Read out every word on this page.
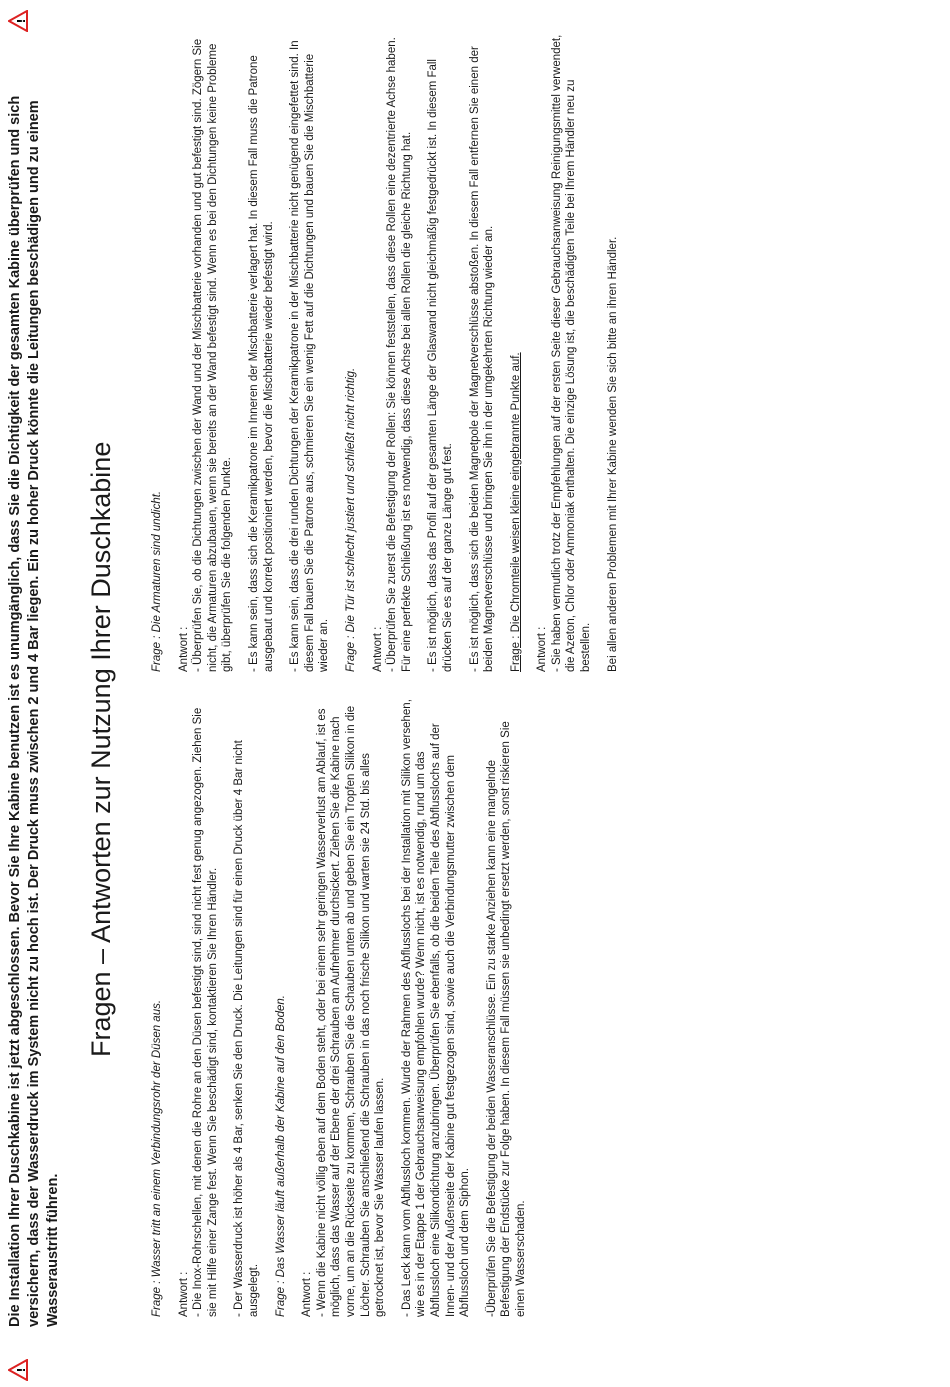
!
!
Die Installation Ihrer Duschkabine ist jetzt abgeschlossen. Bevor Sie Ihre Kabine benutzen ist es unumgänglich, dass Sie die Dichtigkeit der gesamten Kabine überprüfen und sich versichern, dass der Wasserdruck im System nicht zu hoch ist. Der Druck muss zwischen 2 und 4 Bar liegen. Ein zu hoher Druck könnte die Leitungen beschädigen und zu einem Wasseraustritt führen.
Fragen – Antworten zur Nutzung Ihrer Duschkabine
Frage : Wasser tritt an einem Verbindungsrohr der Düsen aus. Antwort : - Die Inox-Rohrschellen, mit denen die Rohre an den Düsen befestigt sind, sind nicht fest genug angezogen. Ziehen Sie sie mit Hilfe einer Zange fest. Wenn Sie beschädigt sind, kontaktieren Sie Ihren Händler. - Der Wasserdruck ist höher als 4 Bar, senken Sie den Druck. Die Leitungen sind für einen Druck über 4 Bar nicht ausgelegt. Frage : Das Wasser läuft außerhalb der Kabine auf den Boden. Antwort : - Wenn die Kabine nicht völlig eben auf dem Boden steht, oder bei einem sehr geringen Wasserverlust am Ablauf, ist es möglich, dass das Wasser auf der Ebene der drei Schrauben am Aufnehmer durchsickert. Ziehen Sie die Kabine nach vorne, um an die Rückseite zu kommen, Schrauben Sie die Schauben unten ab und geben Sie ein Tropfen Silikon in die Löcher. Schrauben Sie anschließend die Schrauben in das noch frische Silikon und warten sie 24 Std. bis alles getrocknet ist, bevor Sie Wasser laufen lassen. - Das Leck kann vom Abflussloch kommen. Wurde der Rahmen des Abflusslochs bei der Installation mit Silikon versehen, wie es in der Etappe 1 der Gebrauchsanweisung empfohlen wurde? Wenn nicht, ist es notwendig, rund um das Abflussloch eine Silikondichtung anzubringen. Überprüfen Sie ebenfalls, ob die beiden Teile des Abflusslochs auf der Innen- und der Außenseite der Kabine gut festgezogen sind, sowie auch die Verbindungsmutter zwischen dem Abflussloch und dem Siphon. -Überprüfen Sie die Befestigung der beiden Wasseranschlüsse. Ein zu starke Anziehen kann eine mangelnde Befestigung der Endstücke zur Folge haben. In diesem Fall müssen sie unbedingt ersetzt werden, sonst riskieren Sie einen Wasserschaden.
Frage : Die Armaturen sind undicht. Antwort : - Überprüfen Sie, ob die Dichtungen zwischen der Wand und der Mischbatterie vorhanden und gut befestigt sind. Zögern Sie nicht, die Armaturen abzubauen, wenn sie bereits an der Wand befestigt sind. Wenn es bei den Dichtungen keine Probleme gibt, überprüfen Sie die folgenden Punkte. - Es kann sein, dass sich die Keramikpatrone im Inneren der Mischbatterie verlagert hat. In diesem Fall muss die Patrone ausgebaut und korrekt positioniert werden, bevor die Mischbatterie wieder befestigt wird. - Es kann sein, dass die drei runden Dichtungen der Keramikpatrone in der Mischbatterie nicht genügend eingefettet sind. In diesem Fall bauen Sie die Patrone aus, schmieren Sie ein wenig Fett auf die Dichtungen und bauen Sie die Mischbatterie wieder an. Frage : Die Tür ist schlecht justiert und schließt nicht richtig. Antwort : - Überprüfen Sie zuerst die Befestigung der Rollen: Sie können feststellen, dass diese Rollen eine dezentrierte Achse haben. Für eine perfekte Schließung ist es notwendig, dass diese Achse bei allen Rollen die gleiche Richtung hat. - Es ist möglich, dass das Profil auf der gesamten Länge der Glaswand nicht gleichmäßig festgedrückt ist. In diesem Fall drücken Sie es auf der ganze Länge gut fest. - Es ist möglich, dass sich die beiden Magnetpole der Magnetverschlüsse abstoßen. In diesem Fall entfernen Sie einen der beiden Magnetverschlüsse und bringen Sie ihn in der umgekehrten Richtung wieder an. Frage : Die Chromteile weisen kleine eingebrannte Punkte auf. Antwort : - Sie haben vermutlich trotz der Empfehlungen auf der ersten Seite dieser Gebrauchsanweisung Reinigungsmittel verwendet, die Azeton, Chlor oder Ammoniak enthalten. Die einzige Lösung ist, die beschädigten Teile bei Ihrem Händler neu zu bestellen. Bei allen anderen Problemen mit Ihrer Kabine wenden Sie sich bitte an ihren Händler.
